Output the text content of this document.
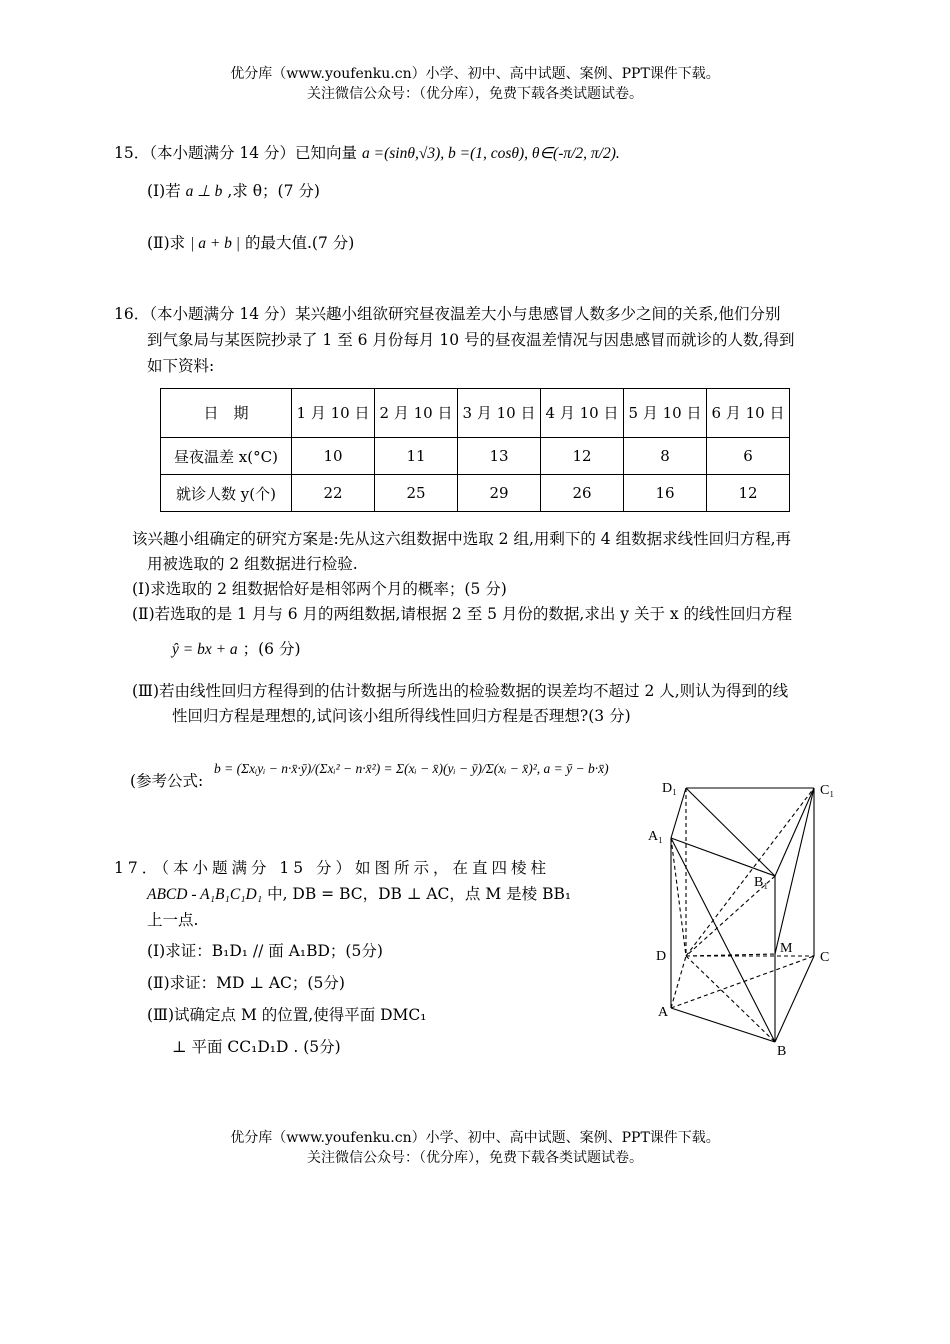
优分库（www.youfenku.cn）小学、初中、高中试题、案例、PPT课件下载。
关注微信公众号：（优分库），免费下载各类试题试卷。
15．（本小题满分 14 分）已知向量 a =(sinθ,√3), b =(1, cosθ), θ∈(-π/2, π/2).
(Ⅰ)若 a ⊥ b ,求 θ；(7 分)
(Ⅱ)求 | a + b | 的最大值.(7 分)
16．（本小题满分 14 分）某兴趣小组欲研究昼夜温差大小与患感冒人数多少之间的关系,他们分别
到气象局与某医院抄录了 1 至 6 月份每月 10 号的昼夜温差情况与因患感冒而就诊的人数,得到
如下资料:
日　期	1 月 10 日	2 月 10 日	3 月 10 日	4 月 10 日	5 月 10 日	6 月 10 日
昼夜温差 x(°C)	10	11	13	12	8	6
就诊人数 y(个)	22	25	29	26	16	12
该兴趣小组确定的研究方案是:先从这六组数据中选取 2 组,用剩下的 4 组数据求线性回归方程,再
用被选取的 2 组数据进行检验.
(Ⅰ)求选取的 2 组数据恰好是相邻两个月的概率；(5 分)
(Ⅱ)若选取的是 1 月与 6 月的两组数据,请根据 2 至 5 月份的数据,求出 y 关于 x 的线性回归方程
ŷ = bx + a ；(6 分)
(Ⅲ)若由线性回归方程得到的估计数据与所选出的检验数据的误差均不超过 2 人,则认为得到的线
性回归方程是理想的,试问该小组所得线性回归方程是否理想?(3 分)
(参考公式:
b = (Σxᵢyᵢ − n·x̄·ȳ)/(Σxᵢ² − n·x̄²) = Σ(xᵢ − x̄)(yᵢ − ȳ)/Σ(xᵢ − x̄)², a = ȳ − b·x̄)
17．（本小题满分 15 分）如图所示，在直四棱柱
ABCD - A₁B₁C₁D₁ 中, DB = BC，DB ⊥ AC，点 M 是棱 BB₁
上一点.
(Ⅰ)求证：B₁D₁ // 面 A₁BD；(5分)
(Ⅱ)求证：MD ⊥ AC；(5分)
(Ⅲ)试确定点 M 的位置,使得平面 DMC₁
⊥ 平面 CC₁D₁D . (5分)
D₁	C₁
A₁
B₁
D
M
C
A
B
优分库（www.youfenku.cn）小学、初中、高中试题、案例、PPT课件下载。
关注微信公众号：（优分库），免费下载各类试题试卷。
